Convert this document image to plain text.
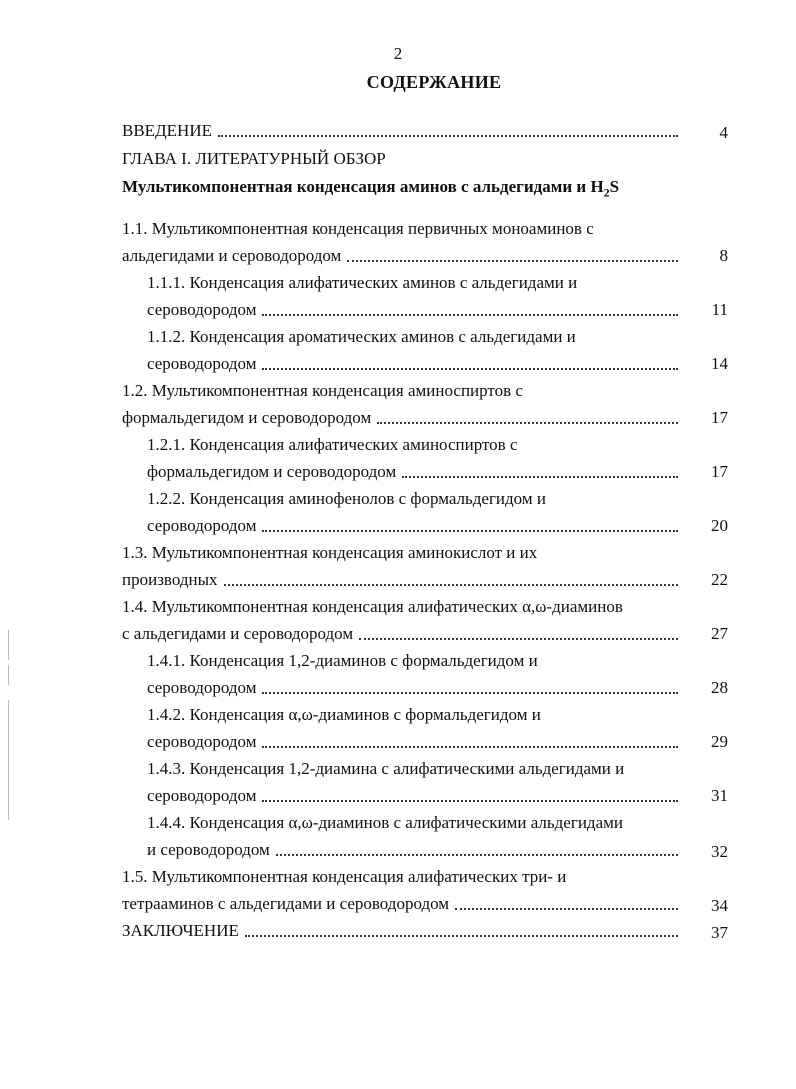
2
СОДЕРЖАНИЕ
ВВЕДЕНИЕ	4
ГЛАВА I. ЛИТЕРАТУРНЫЙ ОБЗОР
Мультикомпонентная конденсация аминов с альдегидами и $H_2S$
1.1. Мультикомпонентная конденсация первичных моноаминов с
альдегидами и сероводородом	8
1.1.1. Конденсация алифатических аминов с альдегидами и
сероводородом	11
1.1.2. Конденсация ароматических аминов с альдегидами и
сероводородом	14
1.2. Мультикомпонентная конденсация аминоспиртов с
формальдегидом и сероводородом	17
1.2.1. Конденсация алифатических аминоспиртов с
формальдегидом и сероводородом	17
1.2.2. Конденсация аминофенолов с формальдегидом и
сероводородом	20
1.3. Мультикомпонентная конденсация аминокислот и их
производных	22
1.4. Мультикомпонентная конденсация алифатических α,ω-диаминов
с альдегидами и сероводородом	27
1.4.1. Конденсация 1,2-диаминов с формальдегидом и
сероводородом	28
1.4.2. Конденсация α,ω-диаминов с формальдегидом и
сероводородом	29
1.4.3. Конденсация 1,2-диамина с алифатическими альдегидами и
сероводородом	31
1.4.4. Конденсация α,ω-диаминов с алифатическими альдегидами
и сероводородом	32
1.5. Мультикомпонентная конденсация алифатических три- и
тетрааминов с альдегидами и сероводородом	34
ЗАКЛЮЧЕНИЕ	37
